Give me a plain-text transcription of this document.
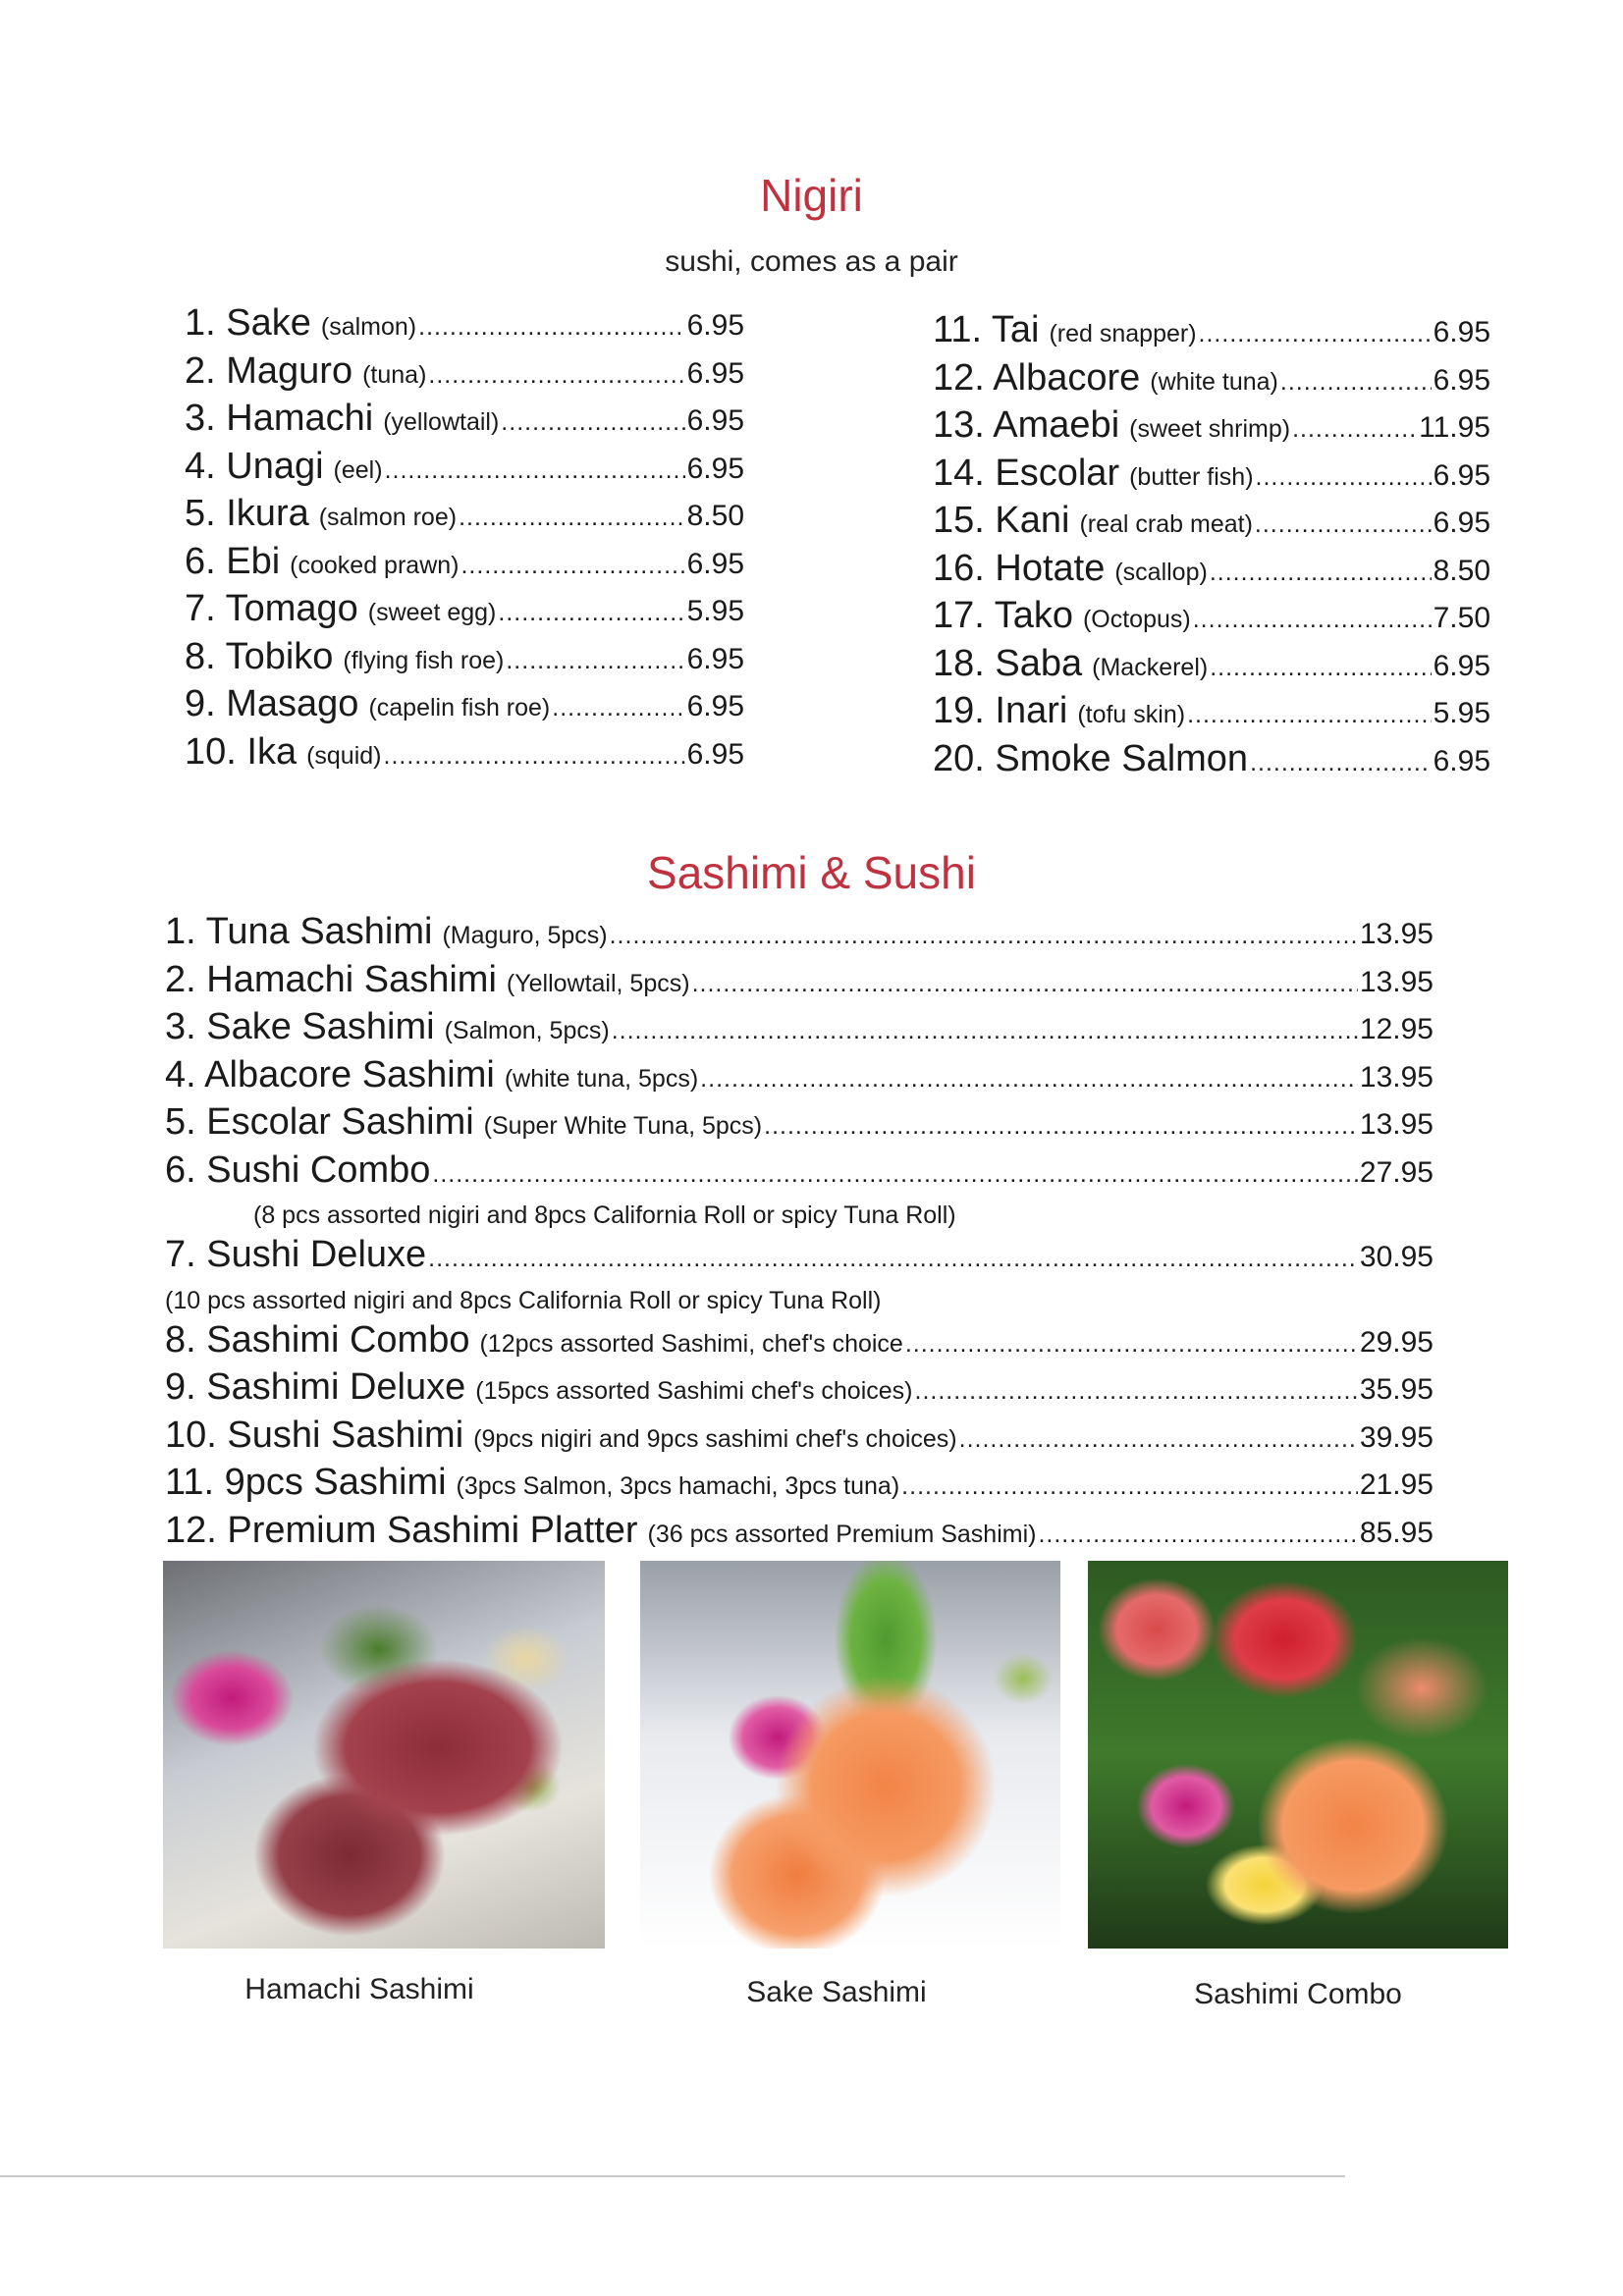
Nigiri
sushi, comes as a pair
1. Sake (salmon) .....	6.95
2. Maguro (tuna) .....	6.95
3. Hamachi (yellowtail) .....	6.95
4. Unagi (eel) .....	6.95
5. Ikura (salmon roe) .....	8.50
6. Ebi (cooked prawn) .....	6.95
7. Tomago (sweet egg) .....	5.95
8. Tobiko (flying fish roe) .....	6.95
9. Masago (capelin fish roe) .....	6.95
10. Ika (squid) .....	6.95
11. Tai (red snapper) .....	6.95
12. Albacore (white tuna) .....	6.95
13. Amaebi (sweet shrimp) .....	11.95
14. Escolar (butter fish) .....	6.95
15. Kani (real crab meat) .....	6.95
16. Hotate (scallop) .....	8.50
17. Tako (Octopus) .....	7.50
18. Saba (Mackerel) .....	6.95
19. Inari (tofu skin) .....	5.95
20. Smoke Salmon .....	6.95
Sashimi & Sushi
1. Tuna Sashimi (Maguro, 5pcs) .....	13.95
2. Hamachi Sashimi (Yellowtail, 5pcs) .....	13.95
3. Sake Sashimi (Salmon, 5pcs) .....	12.95
4. Albacore Sashimi (white tuna, 5pcs) .....	13.95
5. Escolar Sashimi (Super White Tuna, 5pcs) .....	13.95
6. Sushi Combo .....	27.95
(8 pcs assorted nigiri and 8pcs California Roll or spicy Tuna Roll)
7. Sushi Deluxe .....	30.95
(10 pcs assorted nigiri and 8pcs California Roll or spicy Tuna Roll)
8. Sashimi Combo (12pcs assorted Sashimi, chef's choice .....	29.95
9. Sashimi Deluxe (15pcs assorted Sashimi chef's choices) .....	35.95
10. Sushi Sashimi (9pcs nigiri and 9pcs sashimi chef's choices) .....	39.95
11. 9pcs Sashimi (3pcs Salmon, 3pcs hamachi, 3pcs tuna) .....	21.95
12. Premium Sashimi Platter (36 pcs assorted Premium Sashimi) .....	85.95
Hamachi Sashimi	Sake Sashimi	Sashimi Combo
